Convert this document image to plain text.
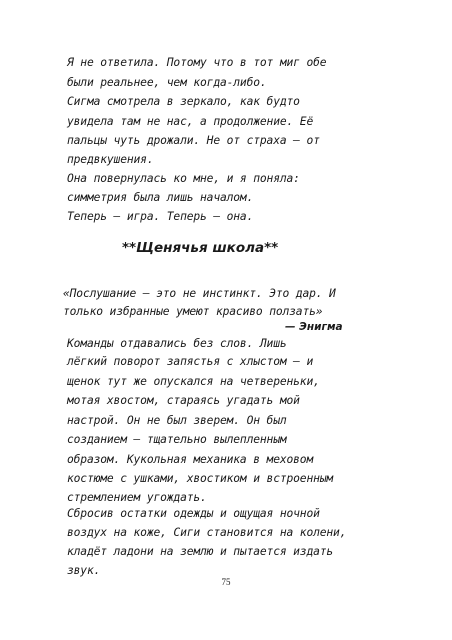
Я не ответила. Потому что в тот миг обе
были реальнее, чем когда-либо.
Сигма смотрела в зеркало, как будто
увидела там не нас, а продолжение. Её
пальцы чуть дрожали. Не от страха — от
предвкушения.
Она повернулась ко мне, и я поняла:
симметрия была лишь началом.
Теперь — игра. Теперь — она.
**Щенячья школа**
«Послушание — это не инстинкт. Это дар. И
только избранные умеют красиво ползать»
— Энигма
Команды отдавались без слов. Лишь
лёгкий поворот запястья с хлыстом — и
щенок тут же опускался на четвереньки,
мотая хвостом, стараясь угадать мой
настрой. Он не был зверем. Он был
созданием — тщательно вылепленным
образом. Кукольная механика в меховом
костюме с ушками, хвостиком и встроенным
стремлением угождать.
Сбросив остатки одежды и ощущая ночной
воздух на коже, Сиги становится на колени,
кладёт ладони на землю и пытается издать
звук.
75
